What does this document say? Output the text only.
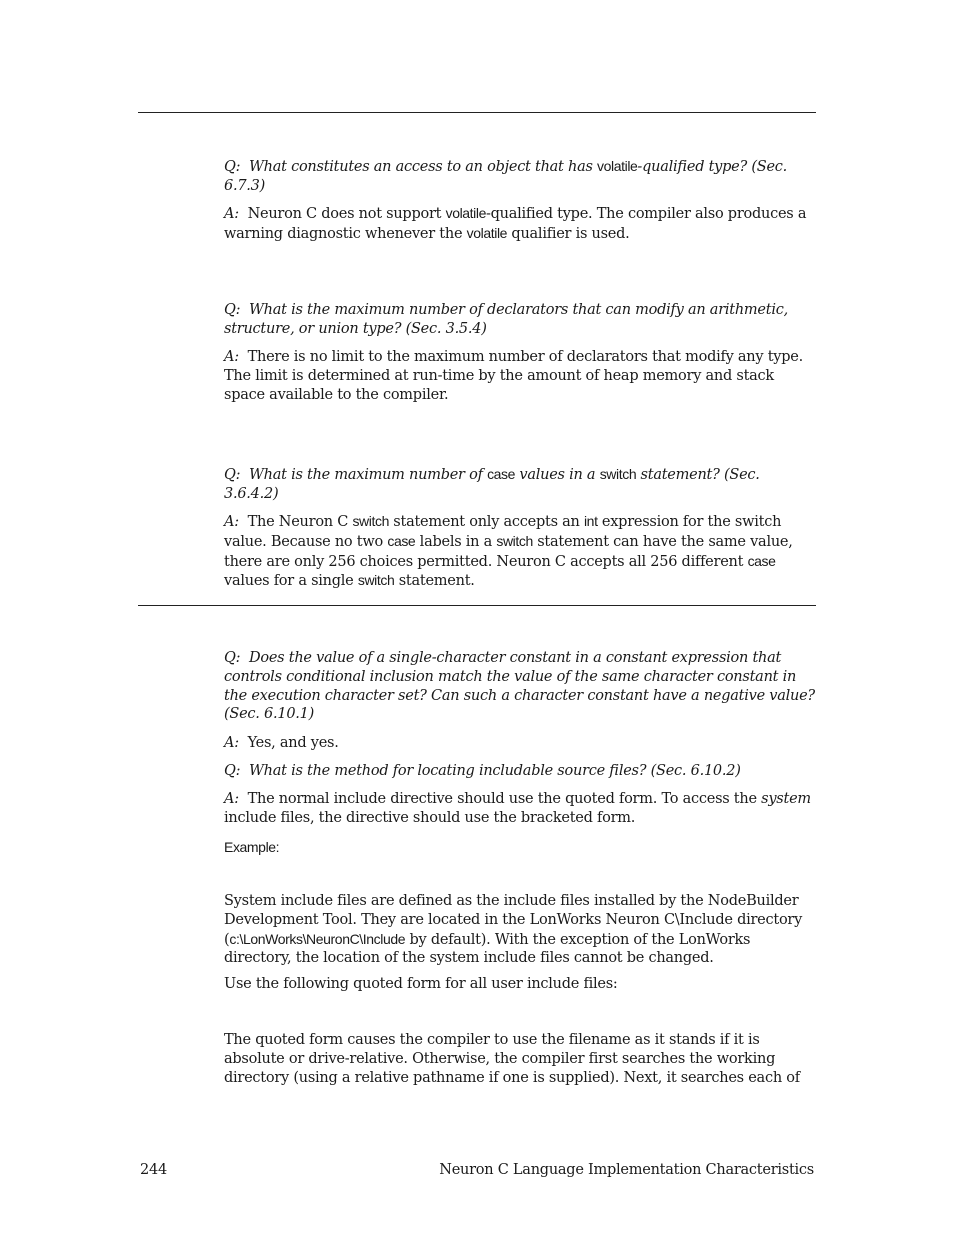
Q: What constitutes an access to an object that has volatile-qualified type? (Sec. 6.7.3)

A: Neuron C does not support volatile-qualified type. The compiler also produces a warning diagnostic whenever the volatile qualifier is used.

Q: What is the maximum number of declarators that can modify an arithmetic, structure, or union type? (Sec. 3.5.4)

A: There is no limit to the maximum number of declarators that modify any type. The limit is determined at run-time by the amount of heap memory and stack space available to the compiler.

Q: What is the maximum number of case values in a switch statement? (Sec. 3.6.4.2)

A: The Neuron C switch statement only accepts an int expression for the switch value. Because no two case labels in a switch statement can have the same value, there are only 256 choices permitted. Neuron C accepts all 256 different case values for a single switch statement.

Q: Does the value of a single-character constant in a constant expression that controls conditional inclusion match the value of the same character constant in the execution character set? Can such a character constant have a negative value? (Sec. 6.10.1)

A: Yes, and yes.

Q: What is the method for locating includable source files? (Sec. 6.10.2)

A: The normal include directive should use the quoted form. To access the system include files, the directive should use the bracketed form.

Example:

System include files are defined as the include files installed by the NodeBuilder Development Tool. They are located in the LonWorks Neuron C\Include directory (c:\LonWorks\NeuronC\Include by default). With the exception of the LonWorks directory, the location of the system include files cannot be changed.

Use the following quoted form for all user include files:

The quoted form causes the compiler to use the filename as it stands if it is absolute or drive-relative. Otherwise, the compiler first searches the working directory (using a relative pathname if one is supplied). Next, it searches each of

244	Neuron C Language Implementation Characteristics
